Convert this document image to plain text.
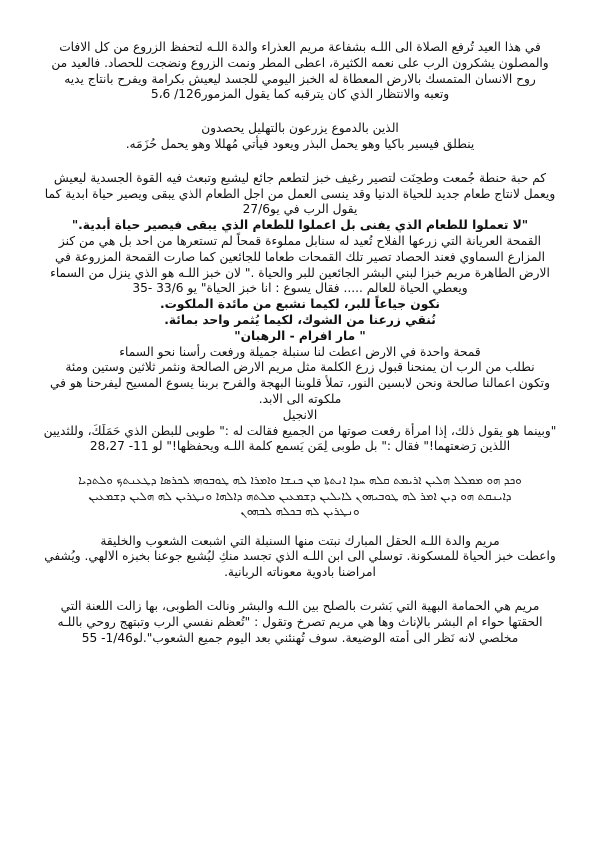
في هذا العيد تُرفع الصلاة الى اللـه بشفاعة مريم العذراء والدة اللـه لتحفظ الزروع من كل الافات
والمصلون يشكرون الرب على نعمه الكثيرة، اعطى المطر ونمت الزروع ونضجت للحصاد. فالعيد من
روح الانسان المتمسك بالارض المعطاة له الخبز اليومي للجسد ليعيش بكرامة ويفرح بانتاج يديه
وتعبه والانتظار الذي كان يترقبه كما يقول المزمور126/ 5،6
الذين بالدموع يزرعون بالتهليل يحصدون
ينطلق فيسير باكيا وهو يحمل البذر ويعود فيأتي مُهللا وهو يحمل حُزَمَه.
كم حبة حنطة جُمعت وطحِنَت لتصير رغيف خبز لتطعم جائع ليشبع وتبعث فيه القوة الجسدية ليعيش
ويعمل لانتاج طعام جديد للحياة الدنيا وقد ينسى العمل من اجل الطعام الذي يبقى ويصير حياة ابدية كما
يقول الرب في يو27/6
"لا تعملوا للطعام الذي يفنى بل اعملوا للطعام الذي يبقى فيصير حياة أبدية."
القمحة العريانة التي زرعها الفلاح تُعيد له سنابل مملوءة قمحاً لم تستعرها من احد بل هي من كنز
المزارع السماوي فعند الحصاد تصير تلك القمحات طعاما للجائعين كما صارت القمحة المزروعة في
الارض الطاهرة مريم خبزا لبني البشر الجائعين للبر والحياة ." لان خبز اللـه هو الذي ينزل من السماء
ويعطي الحياة للعالم ..... فقال يسوع : انا خبز الحياة" يو 33/6 -35
نكون جياعاً للبر، لكيما نشبع من مائدة الملكوت.
نُنقي زرعنا من الشوك، لكيما يُثمر واحد بمائة.
" مار افرام - الرهبان"
قمحة واحدة في الارض اعطت لنا سنبلة جميلة ورفعت رأسنا نحو السماء
نطلب من الرب ان يمنحنا قبول زرع الكلمة مثل مريم الارض الصالحة ونثمر ثلاثين وستين ومئة
وتكون اعمالنا صالحة ونحن لابسين النور، تملأ قلوبنا البهجة والفرح بربنا يسوع المسيح ليفرحنا هو في
ملكوته الى الابد.
الانجيل
"وبينما هو يقول ذلك، إذا امرأة رفعت صوتها من الجميع فقالت له :" طوبى للبطن الذي حَمَلَكَ، وللثديين
اللذين رَضعتهما!" فقال :" بل طوبى لِمَن يَسمع كلمة اللـه ويحفظها!" لو 11- 28،27
ܘܟܕ ܗܘ ܡܡܠܠ ܗܠܝܢ ܐܪܝܡܬ ܩܠܗ ܚܕܐ ܐܢܬܬܐ ܡܢ ܟܢܫܐ ܘܐܡܪܐ ܠܗ ܛܘܒܘܗܝ ܠܟܪܣܐ ܕܛܥܢܬܟ ܘܠܬܕܝܐ
ܕܐܝܢܩܬ ܗܘ ܕܝܢ ܐܡܪ ܠܗ ܛܘܒܝܗܘܢ ܠܐܝܠܝܢ ܕܫܡܥܝܢ ܡܠܬܗ ܕܐܠܗܐ ܘܢܛܪܝܢ ܠܗ ܗܠܝܢ ܕܫܡܥܝܢ
ܘܢܛܪܝܢ ܠܗ ܒܟܠܗ ܠܒܗܘܢ
مريم والدة اللـه الحقل المبارك نبتت منها السنبلة التي اشبعت الشعوب والخليقة
واعطت خبز الحياة للمسكونة. توسلي الى ابن اللـه الذي تجسد منكِ ليُشبع جوعنا بخبزه الالهي. ويُشفي
امراضنا بادوية معوناته الربانية.
مريم هي الحمامة البهية التي بَشرت بالصلح بين اللـه والبشر ونالت الطوبى، بها زالت اللعنة التي
الحقتها حواء ام البشر بالإناث وها هي مريم تصرخ وتقول : "تُعظم نفسي الرب وتبتهج روحي باللـه
مخلصي لانه نَظر الى أمته الوضيعة. سوف تُهنئني بعد اليوم جميع الشعوب".لو1/46- 55
